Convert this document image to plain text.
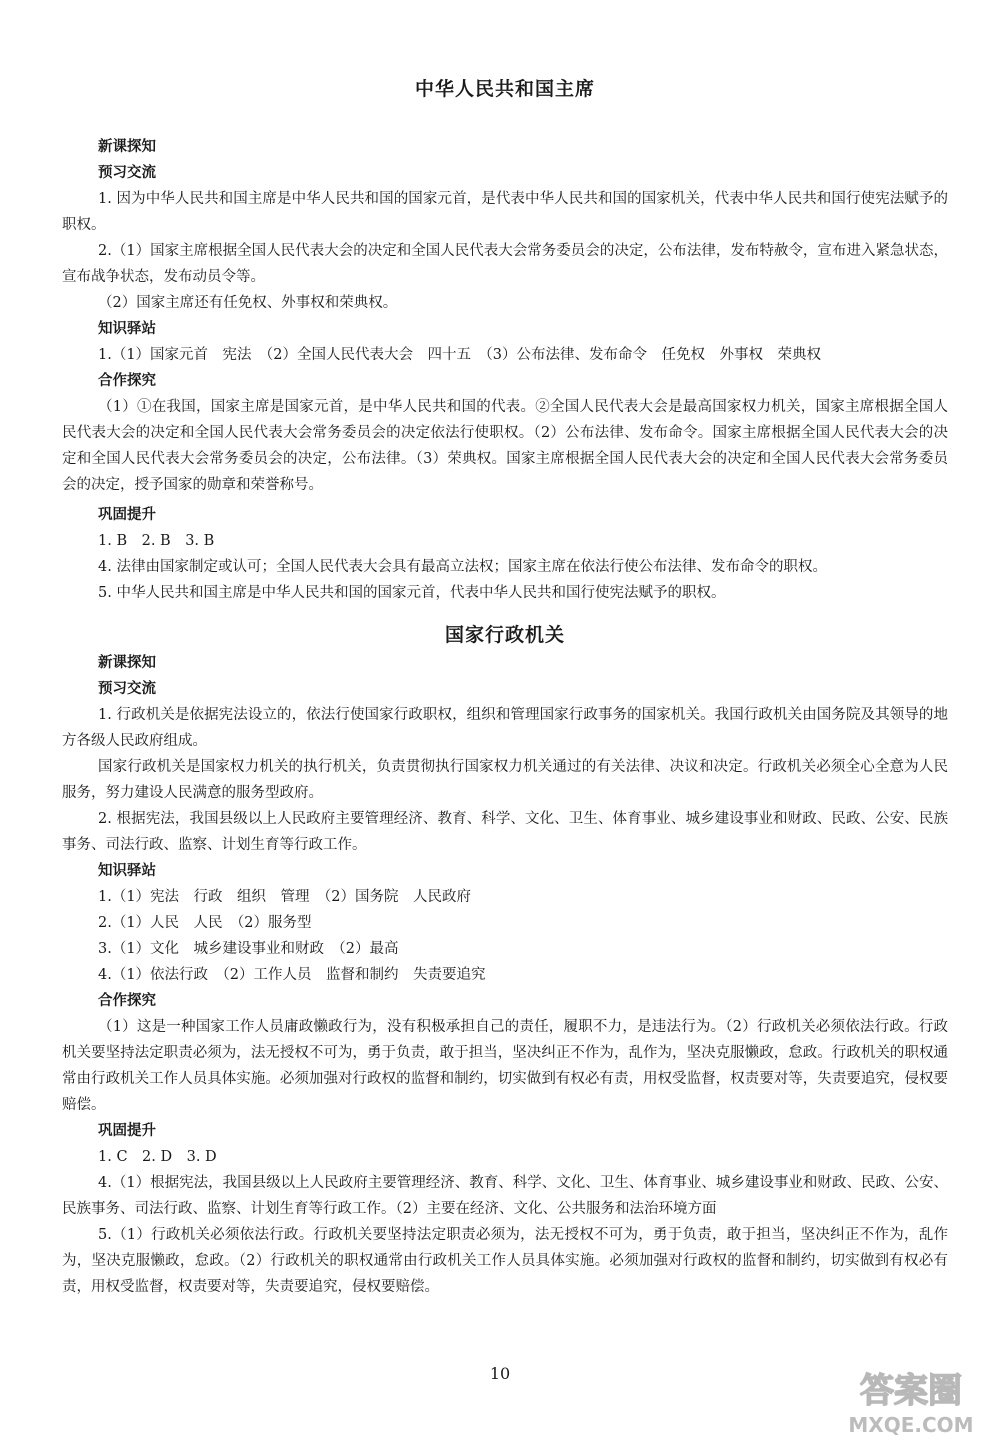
中华人民共和国主席
新课探知
预习交流

1. 因为中华人民共和国主席是中华人民共和国的国家元首，是代表中华人民共和国的国家机关，代表中华人民共和国行使宪法赋予的职权。

2.（1）国家主席根据全国人民代表大会的决定和全国人民代表大会常务委员会的决定，公布法律，发布特赦令，宣布进入紧急状态，宣布战争状态，发布动员令等。

（2）国家主席还有任免权、外事权和荣典权。

知识驿站

1.（1）国家元首　宪法　（2）全国人民代表大会　四十五　（3）公布法律、发布命令　任免权　外事权　荣典权

合作探究

（1）①在我国，国家主席是国家元首，是中华人民共和国的代表。②全国人民代表大会是最高国家权力机关，国家主席根据全国人民代表大会的决定和全国人民代表大会常务委员会的决定依法行使职权。（2）公布法律、发布命令。国家主席根据全国人民代表大会的决定和全国人民代表大会常务委员会的决定，公布法律。（3）荣典权。国家主席根据全国人民代表大会的决定和全国人民代表大会常务委员会的决定，授予国家的勋章和荣誉称号。

巩固提升

1. B　2. B　3. B

4. 法律由国家制定或认可；全国人民代表大会具有最高立法权；国家主席在依法行使公布法律、发布命令的职权。

5. 中华人民共和国主席是中华人民共和国的国家元首，代表中华人民共和国行使宪法赋予的职权。

国家行政机关
新课探知
预习交流

1. 行政机关是依据宪法设立的，依法行使国家行政职权，组织和管理国家行政事务的国家机关。我国行政机关由国务院及其领导的地方各级人民政府组成。

国家行政机关是国家权力机关的执行机关，负责贯彻执行国家权力机关通过的有关法律、决议和决定。行政机关必须全心全意为人民服务，努力建设人民满意的服务型政府。

2. 根据宪法，我国县级以上人民政府主要管理经济、教育、科学、文化、卫生、体育事业、城乡建设事业和财政、民政、公安、民族事务、司法行政、监察、计划生育等行政工作。

知识驿站

1.（1）宪法　行政　组织　管理　（2）国务院　人民政府

2.（1）人民　人民　（2）服务型

3.（1）文化　城乡建设事业和财政　（2）最高

4.（1）依法行政　（2）工作人员　监督和制约　失责要追究

合作探究

（1）这是一种国家工作人员庸政懒政行为，没有积极承担自己的责任，履职不力，是违法行为。（2）行政机关必须依法行政。行政机关要坚持法定职责必须为，法无授权不可为，勇于负责，敢于担当，坚决纠正不作为，乱作为，坚决克服懒政，怠政。行政机关的职权通常由行政机关工作人员具体实施。必须加强对行政权的监督和制约，切实做到有权必有责，用权受监督，权责要对等，失责要追究，侵权要赔偿。

巩固提升

1. C　2. D　3. D

4.（1）根据宪法，我国县级以上人民政府主要管理经济、教育、科学、文化、卫生、体育事业、城乡建设事业和财政、民政、公安、民族事务、司法行政、监察、计划生育等行政工作。（2）主要在经济、文化、公共服务和法治环境方面

5.（1）行政机关必须依法行政。行政机关要坚持法定职责必须为，法无授权不可为，勇于负责，敢于担当，坚决纠正不作为，乱作为，坚决克服懒政，怠政。（2）行政机关的职权通常由行政机关工作人员具体实施。必须加强对行政权的监督和制约，切实做到有权必有责，用权受监督，权责要对等，失责要追究，侵权要赔偿。

10	答案圈
MXQE.COM
